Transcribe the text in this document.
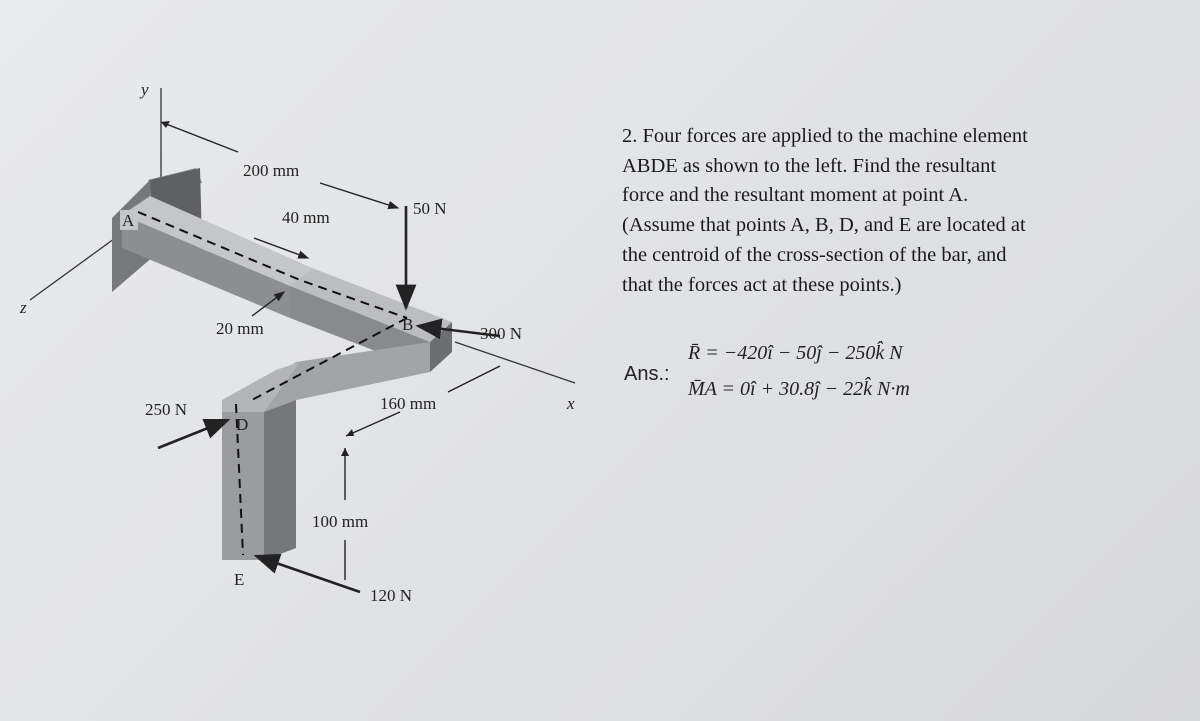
y
x
z
A
B
D
E
200 mm
40 mm
20 mm
160 mm
100 mm
50 N
300 N
250 N
120 N
2. Four forces are applied to the machine element
ABDE as shown to the left. Find the resultant
force and the resultant moment at point A.
(Assume that points A, B, D, and E are located at
the centroid of the cross-section of the bar, and
that the forces act at these points.)
Ans.:
R̄ = −420î − 50ĵ − 250k̂ N
M̄A = 0î + 30.8ĵ − 22k̂ N·m
